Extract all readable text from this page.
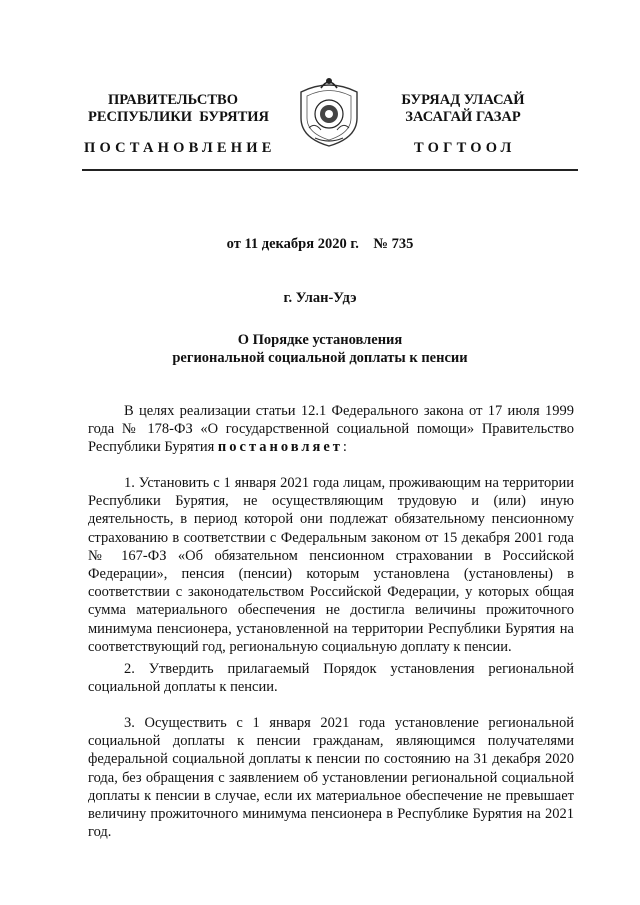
ПРАВИТЕЛЬСТВО
РЕСПУБЛИКИ  БУРЯТИЯ
БУРЯАД УЛАСАЙ
ЗАСАГАЙ ГАЗАР
ПОСТАНОВЛЕНИЕ	ТОГТООЛ
от 11 декабря 2020 г.    № 735
г. Улан-Удэ
О Порядке установления
региональной социальной доплаты к пенсии
В целях реализации статьи 12.1 Федерального закона от 17 июля 1999 года № 178-ФЗ «О государственной социальной помощи» Правительство Республики Бурятия постановляет:
1. Установить с 1 января 2021 года лицам, проживающим на территории Республики Бурятия, не осуществляющим трудовую и (или) иную деятельность, в период которой они подлежат обязательному пенсионному страхованию в соответствии с Федеральным законом от 15 декабря 2001 года № 167-ФЗ «Об обязательном пенсионном страховании в Российской Федерации», пенсия (пенсии) которым установлена (установлены) в соответствии с законодательством Российской Федерации, у которых общая сумма материального обеспечения не достигла величины прожиточного минимума пенсионера, установленной на территории Республики Бурятия на соответствующий год, региональную социальную доплату к пенсии.
2. Утвердить прилагаемый Порядок установления региональной социальной доплаты к пенсии.
3. Осуществить с 1 января 2021 года установление региональной социальной доплаты к пенсии гражданам, являющимся получателями федеральной социальной доплаты к пенсии по состоянию на 31 декабря 2020 года, без обращения с заявлением об установлении региональной социальной доплаты к пенсии в случае, если их материальное обеспечение не превышает величину прожиточного минимума пенсионера в Республике Бурятия на 2021 год.
